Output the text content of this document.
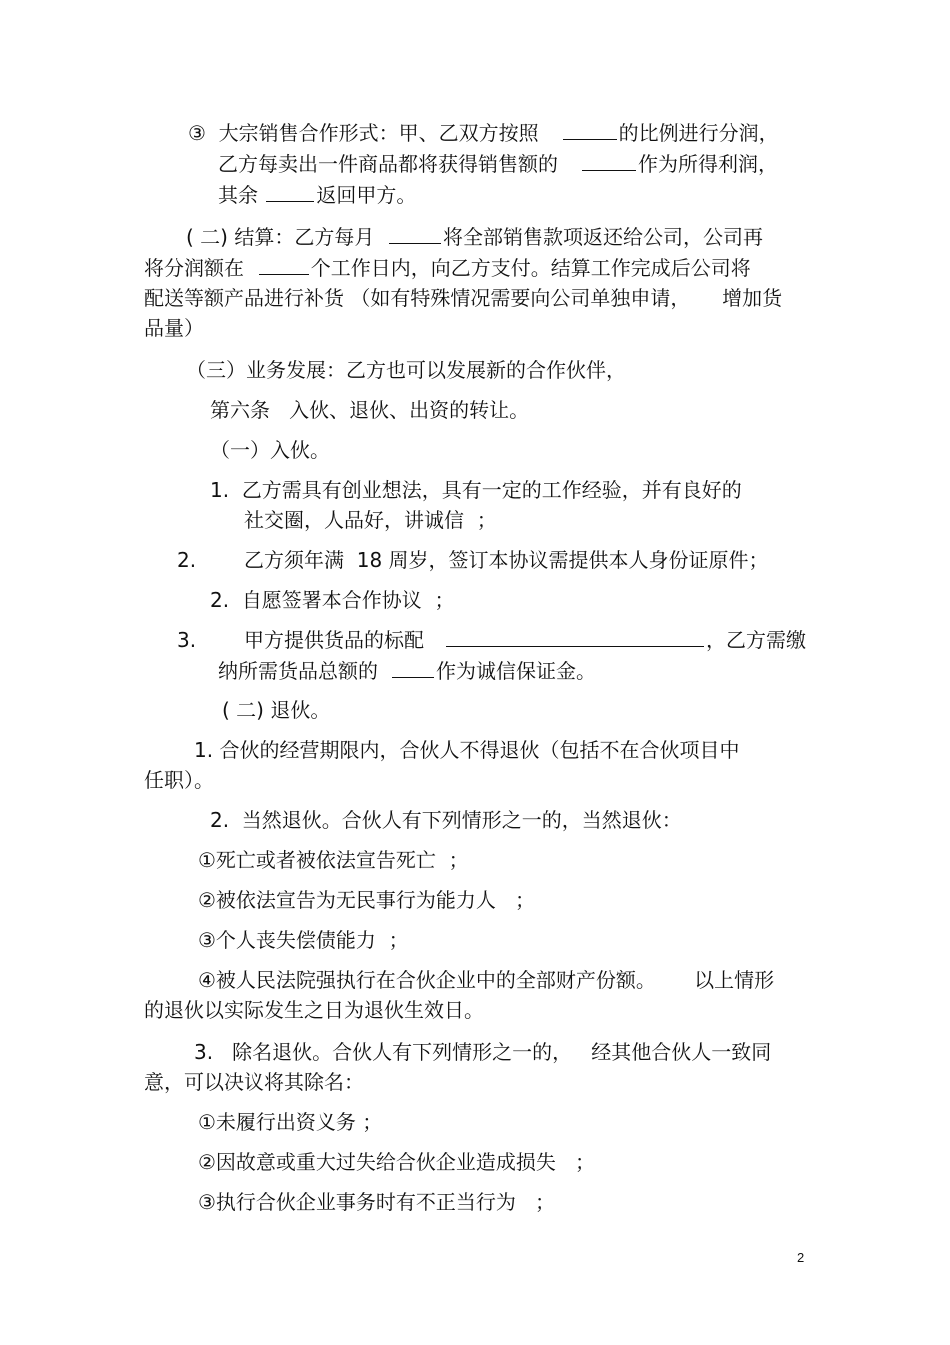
③ 大宗销售合作形式：甲、乙双方按照	的比例进行分润，
乙方每卖出一件商品都将获得销售额的	作为所得利润，
其余	返回甲方。
( 二) 结算：乙方每月	将全部销售款项返还给公司，公司再
将分润额在	个工作日内，向乙方支付。结算工作完成后公司将
配送等额产品进行补货 （如有特殊情况需要向公司单独申请，     增加货
品量）
（三）业务发展：乙方也可以发展新的合作伙伴，
第六条   入伙、退伙、出资的转让。
（一）入伙。
1. 乙方需具有创业想法，具有一定的工作经验，并有良好的
社交圈，人品好，讲诚信  ；
2. 乙方须年满  18 周岁，签订本协议需提供本人身份证原件；
2. 自愿签署本合作协议  ；
3. 甲方提供货品的标配	，乙方需缴
纳所需货品总额的	作为诚信保证金。
( 二) 退伙。
1. 合伙的经营期限内，合伙人不得退伙（包括不在合伙项目中
任职）。
2.  当然退伙。合伙人有下列情形之一的，当然退伙：
①死亡或者被依法宣告死亡  ；
②被依法宣告为无民事行为能力人   ；
③个人丧失偿债能力  ；
④被人民法院强执行在合伙企业中的全部财产份额。      以上情形
的退伙以实际发生之日为退伙生效日。
3.   除名退伙。合伙人有下列情形之一的，   经其他合伙人一致同
意，可以决议将其除名：
①未履行出资义务 ；
②因故意或重大过失给合伙企业造成损失   ；
③执行合伙企业事务时有不正当行为   ；
2
